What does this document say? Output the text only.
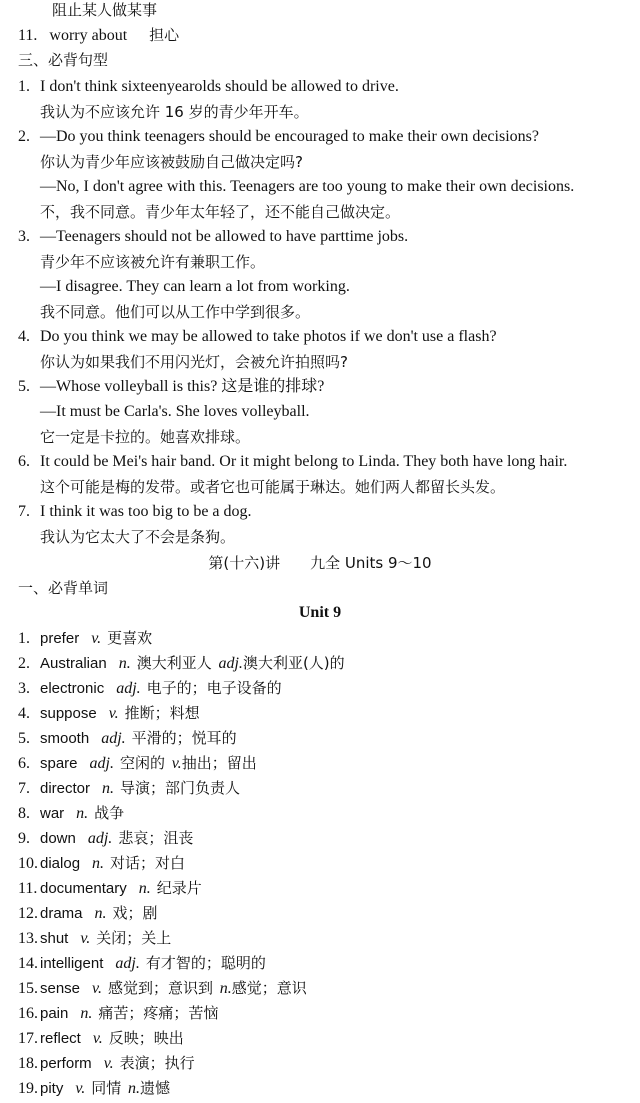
阻止某人做某事
11. worry about 担心
三、必背句型
1. I don't think sixteenyearolds should be allowed to drive.
我认为不应该允许 16 岁的青少年开车。
2. —Do you think teenagers should be encouraged to make their own decisions?
你认为青少年应该被鼓励自己做决定吗?
—No, I don't agree with this. Teenagers are too young to make their own decisions.
不，我不同意。青少年太年轻了，还不能自己做决定。
3. —Teenagers should not be allowed to have parttime jobs.
青少年不应该被允许有兼职工作。
—I disagree. They can learn a lot from working.
我不同意。他们可以从工作中学到很多。
4. Do you think we may be allowed to take photos if we don't use a flash?
你认为如果我们不用闪光灯，会被允许拍照吗?
5. —Whose volleyball is this? 这是谁的排球?
—It must be Carla's. She loves volleyball.
它一定是卡拉的。她喜欢排球。
6. It could be Mei's hair band. Or it might belong to Linda. They both have long hair.
这个可能是梅的发带。或者它也可能属于琳达。她们两人都留长头发。
7. I think it was too big to be a dog.
我认为它太大了不会是条狗。
第(十六)讲　　九全 Units 9～10
一、必背单词
Unit 9
1. prefer v. 更喜欢
2. Australian n. 澳大利亚人 adj.澳大利亚(人)的
3. electronic adj. 电子的；电子设备的
4. suppose v. 推断；料想
5. smooth adj. 平滑的；悦耳的
6. spare adj. 空闲的 v.抽出；留出
7. director n. 导演；部门负责人
8. war n. 战争
9. down adj. 悲哀；沮丧
10. dialog n. 对话；对白
11. documentary n. 纪录片
12. drama n. 戏；剧
13. shut v. 关闭；关上
14. intelligent adj. 有才智的；聪明的
15. sense v. 感觉到；意识到 n.感觉；意识
16. pain n. 痛苦；疼痛；苦恼
17. reflect v. 反映；映出
18. perform v. 表演；执行
19. pity v. 同情 n.遗憾
